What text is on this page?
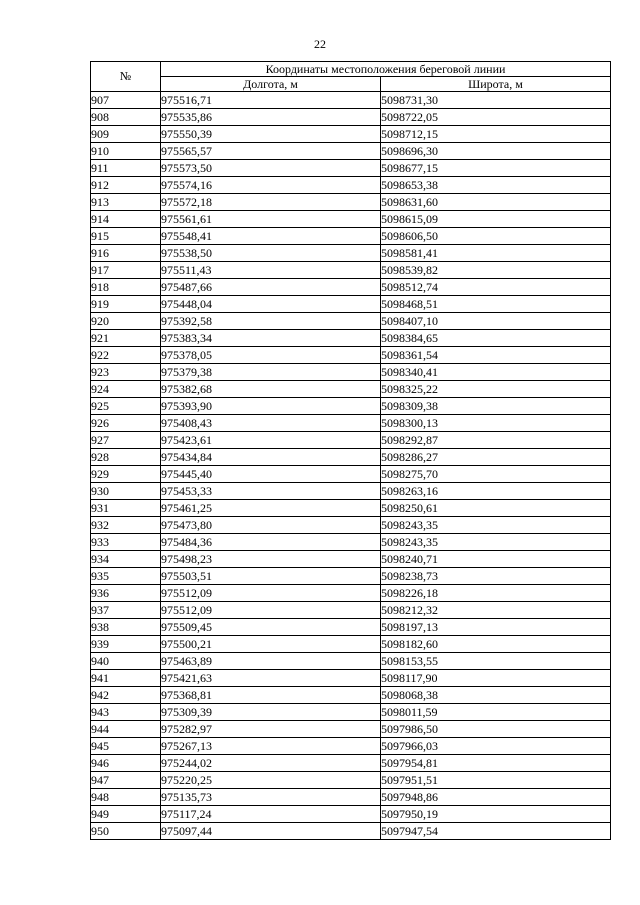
22
№	Координаты местоположения береговой линии	
	Долгота, м	Широта, м
907	975516,71	5098731,30
908	975535,86	5098722,05
909	975550,39	5098712,15
910	975565,57	5098696,30
911	975573,50	5098677,15
912	975574,16	5098653,38
913	975572,18	5098631,60
914	975561,61	5098615,09
915	975548,41	5098606,50
916	975538,50	5098581,41
917	975511,43	5098539,82
918	975487,66	5098512,74
919	975448,04	5098468,51
920	975392,58	5098407,10
921	975383,34	5098384,65
922	975378,05	5098361,54
923	975379,38	5098340,41
924	975382,68	5098325,22
925	975393,90	5098309,38
926	975408,43	5098300,13
927	975423,61	5098292,87
928	975434,84	5098286,27
929	975445,40	5098275,70
930	975453,33	5098263,16
931	975461,25	5098250,61
932	975473,80	5098243,35
933	975484,36	5098243,35
934	975498,23	5098240,71
935	975503,51	5098238,73
936	975512,09	5098226,18
937	975512,09	5098212,32
938	975509,45	5098197,13
939	975500,21	5098182,60
940	975463,89	5098153,55
941	975421,63	5098117,90
942	975368,81	5098068,38
943	975309,39	5098011,59
944	975282,97	5097986,50
945	975267,13	5097966,03
946	975244,02	5097954,81
947	975220,25	5097951,51
948	975135,73	5097948,86
949	975117,24	5097950,19
950	975097,44	5097947,54
